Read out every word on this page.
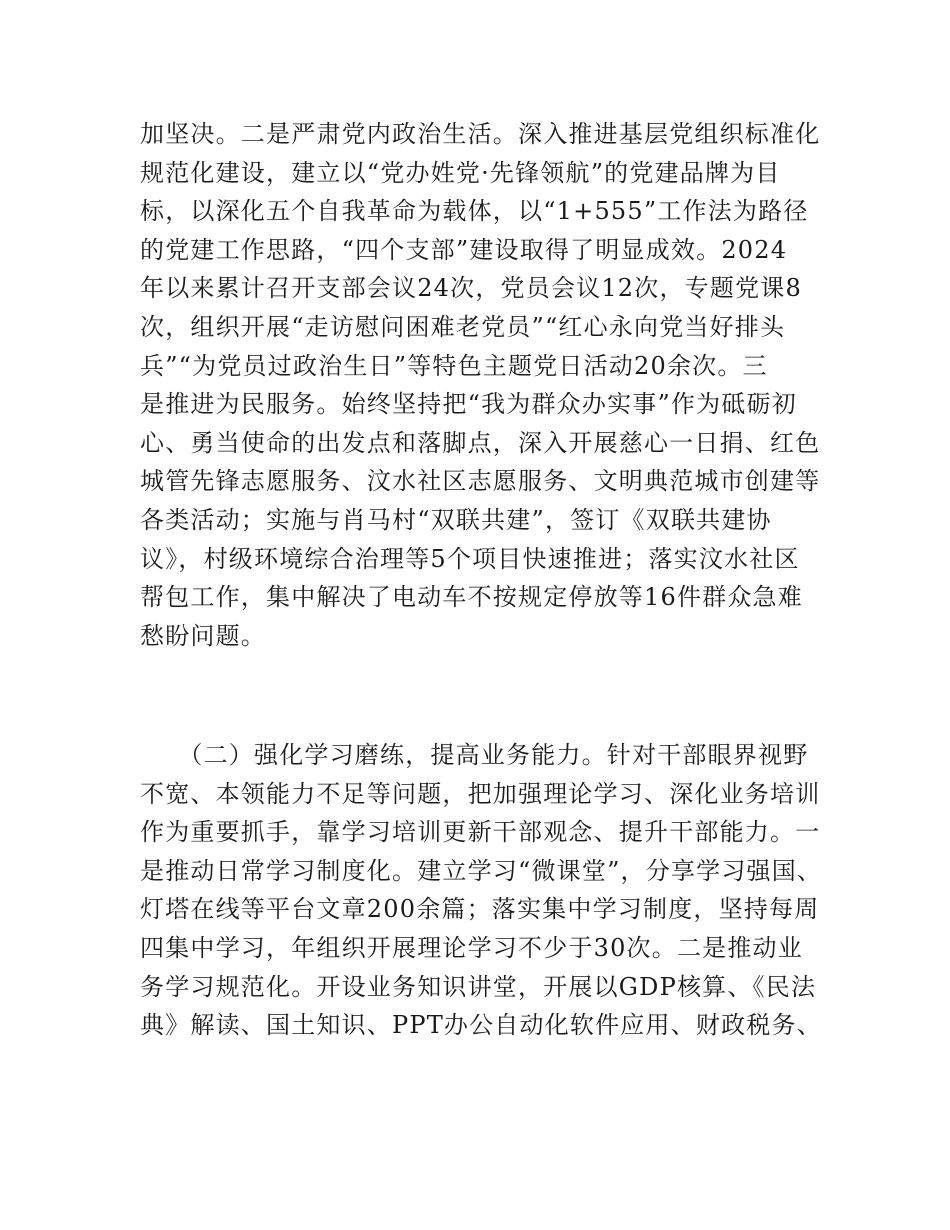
加坚决。二是严肃党内政治生活。深入推进基层党组织标准化
规范化建设，建立以“党办姓党·先锋领航”的党建品牌为目
标，以深化五个自我革命为载体，以“1+555”工作法为路径
的党建工作思路，“四个支部”建设取得了明显成效。2024
年以来累计召开支部会议24次，党员会议12次，专题党课8
次，组织开展“走访慰问困难老党员”“红心永向党当好排头
兵”“为党员过政治生日”等特色主题党日活动20余次。三
是推进为民服务。始终坚持把“我为群众办实事”作为砥砺初
心、勇当使命的出发点和落脚点，深入开展慈心一日捐、红色
城管先锋志愿服务、汶水社区志愿服务、文明典范城市创建等
各类活动；实施与肖马村“双联共建”，签订《双联共建协
议》，村级环境综合治理等5个项目快速推进；落实汶水社区
帮包工作，集中解决了电动车不按规定停放等16件群众急难
愁盼问题。
　　（二）强化学习磨练，提高业务能力。针对干部眼界视野
不宽、本领能力不足等问题，把加强理论学习、深化业务培训
作为重要抓手，靠学习培训更新干部观念、提升干部能力。一
是推动日常学习制度化。建立学习“微课堂”，分享学习强国、
灯塔在线等平台文章200余篇；落实集中学习制度，坚持每周
四集中学习，年组织开展理论学习不少于30次。二是推动业
务学习规范化。开设业务知识讲堂，开展以GDP核算、《民法
典》解读、国土知识、PPT办公自动化软件应用、财政税务、
